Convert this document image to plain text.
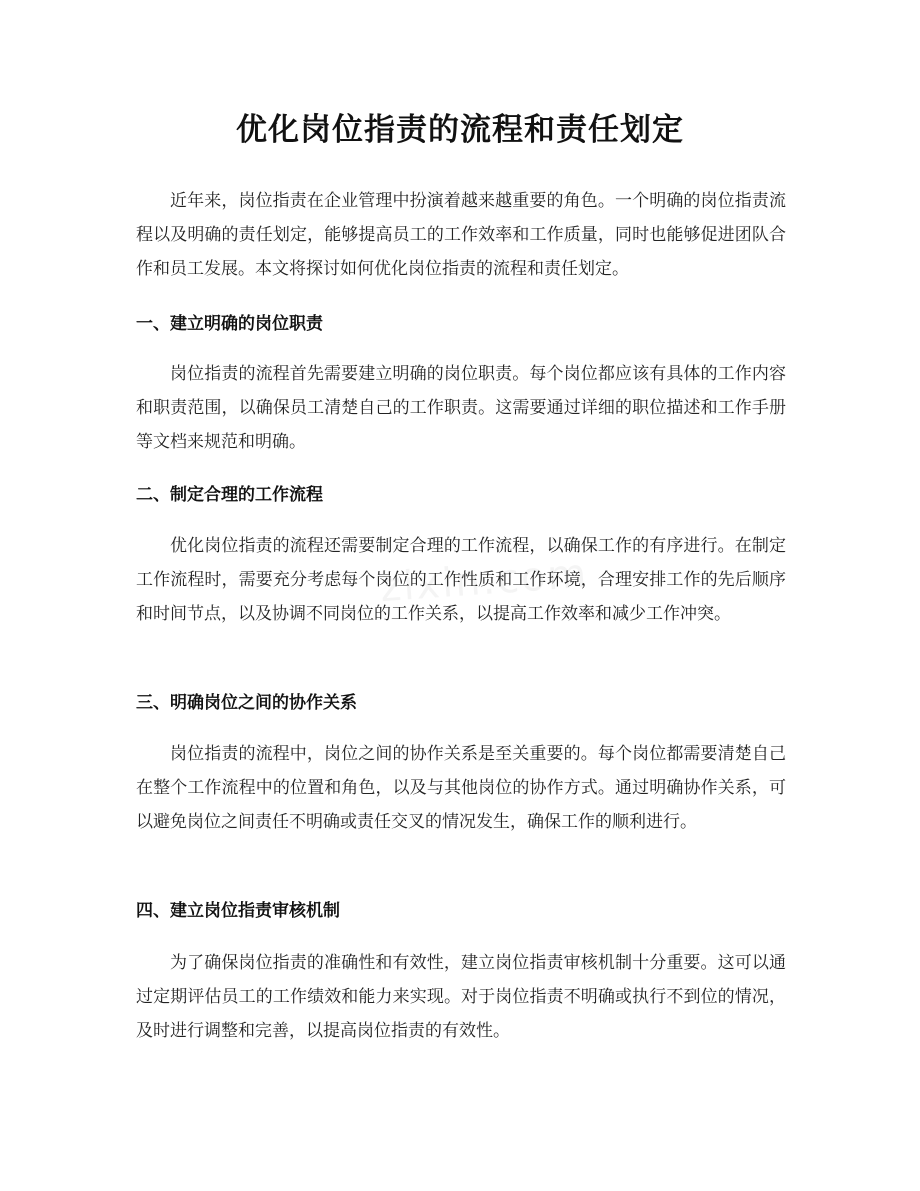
优化岗位指责的流程和责任划定

近年来，岗位指责在企业管理中扮演着越来越重要的角色。一个明确的岗位指责流程以及明确的责任划定，能够提高员工的工作效率和工作质量，同时也能够促进团队合作和员工发展。本文将探讨如何优化岗位指责的流程和责任划定。

一、建立明确的岗位职责

岗位指责的流程首先需要建立明确的岗位职责。每个岗位都应该有具体的工作内容和职责范围，以确保员工清楚自己的工作职责。这需要通过详细的职位描述和工作手册等文档来规范和明确。

二、制定合理的工作流程

优化岗位指责的流程还需要制定合理的工作流程，以确保工作的有序进行。在制定工作流程时，需要充分考虑每个岗位的工作性质和工作环境，合理安排工作的先后顺序和时间节点，以及协调不同岗位的工作关系，以提高工作效率和减少工作冲突。

三、明确岗位之间的协作关系

岗位指责的流程中，岗位之间的协作关系是至关重要的。每个岗位都需要清楚自己在整个工作流程中的位置和角色，以及与其他岗位的协作方式。通过明确协作关系，可以避免岗位之间责任不明确或责任交叉的情况发生，确保工作的顺利进行。

四、建立岗位指责审核机制

为了确保岗位指责的准确性和有效性，建立岗位指责审核机制十分重要。这可以通过定期评估员工的工作绩效和能力来实现。对于岗位指责不明确或执行不到位的情况，及时进行调整和完善，以提高岗位指责的有效性。
